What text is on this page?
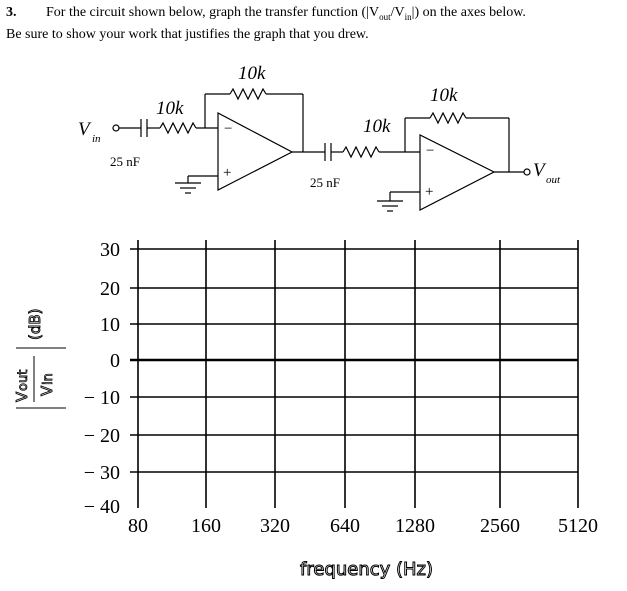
3. For the circuit shown below, graph the transfer function $(|V_{out}/V_{in}|)$ on the axes below.
Be sure to show your work that justifies the graph that you drew.
V in
25 nF
10k
10k
−
+
25 nF
10k
10k
−
+
V out
30
20
10
0
− 10
− 20
− 30
− 40
80 160 320 640 1280 2560 5120
(dB)
V
out V
in
frequency (Hz)
